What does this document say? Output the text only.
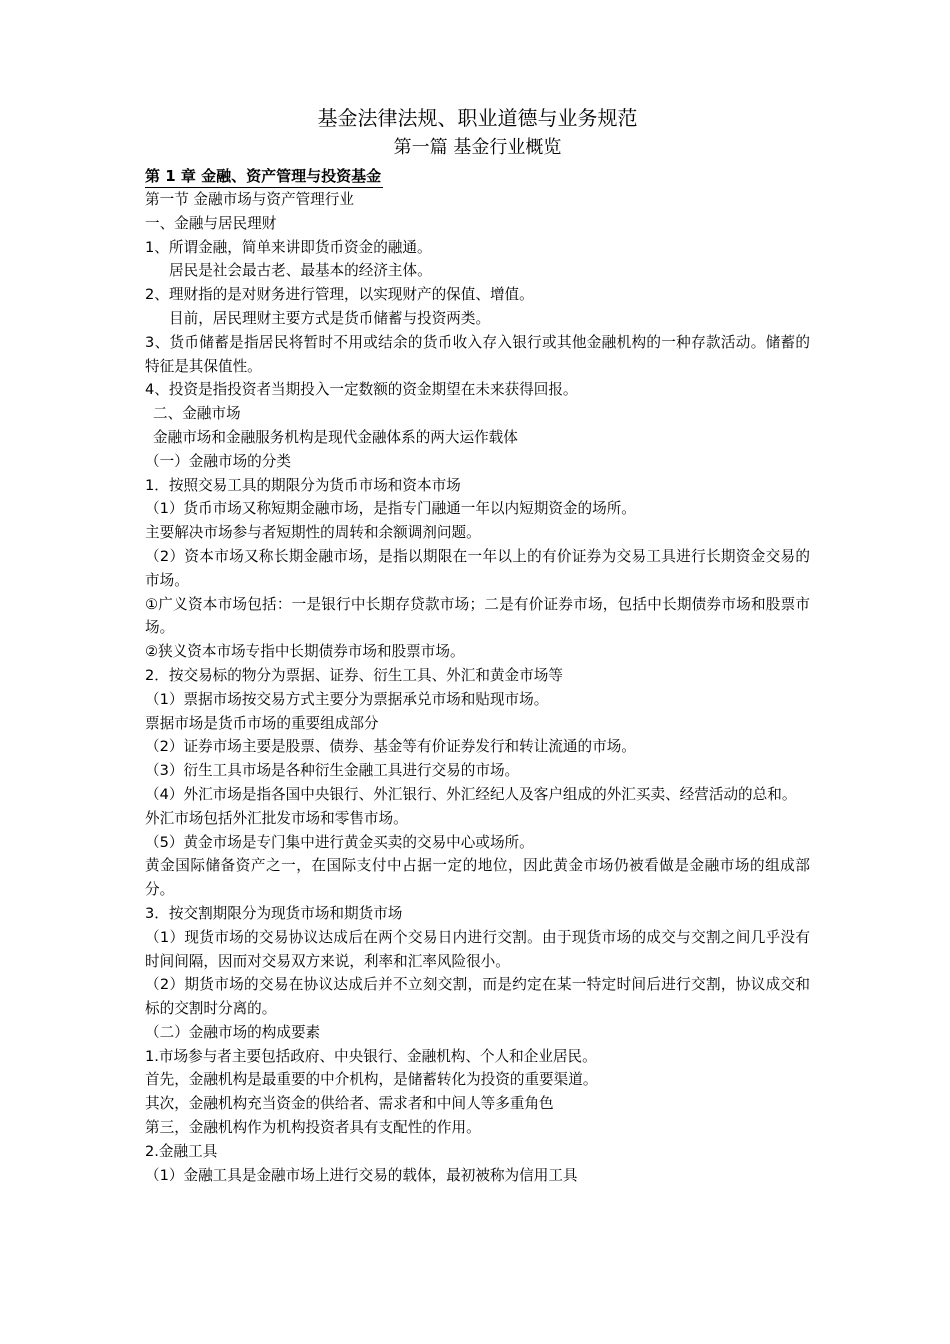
基金法律法规、职业道德与业务规范
第一篇 基金行业概览

第 1 章 金融、资产管理与投资基金

第一节 金融市场与资产管理行业

一、金融与居民理财

1、所谓金融，简单来讲即货币资金的融通。

居民是社会最古老、最基本的经济主体。

2、理财指的是对财务进行管理，以实现财产的保值、增值。

目前，居民理财主要方式是货币储蓄与投资两类。

3、货币储蓄是指居民将暂时不用或结余的货币收入存入银行或其他金融机构的一种存款活动。储蓄的特征是其保值性。

4、投资是指投资者当期投入一定数额的资金期望在未来获得回报。

二、金融市场

金融市场和金融服务机构是现代金融体系的两大运作载体

（一）金融市场的分类

1．按照交易工具的期限分为货币市场和资本市场

（1）货币市场又称短期金融市场，是指专门融通一年以内短期资金的场所。

主要解决市场参与者短期性的周转和余额调剂问题。

（2）资本市场又称长期金融市场，是指以期限在一年以上的有价证券为交易工具进行长期资金交易的市场。

①广义资本市场包括：一是银行中长期存贷款市场；二是有价证券市场，包括中长期债券市场和股票市场。

②狭义资本市场专指中长期债券市场和股票市场。

2．按交易标的物分为票据、证券、衍生工具、外汇和黄金市场等

（1）票据市场按交易方式主要分为票据承兑市场和贴现市场。

票据市场是货币市场的重要组成部分

（2）证券市场主要是股票、债券、基金等有价证券发行和转让流通的市场。

（3）衍生工具市场是各种衍生金融工具进行交易的市场。

（4）外汇市场是指各国中央银行、外汇银行、外汇经纪人及客户组成的外汇买卖、经营活动的总和。

外汇市场包括外汇批发市场和零售市场。

（5）黄金市场是专门集中进行黄金买卖的交易中心或场所。

黄金国际储备资产之一，在国际支付中占据一定的地位，因此黄金市场仍被看做是金融市场的组成部分。

3．按交割期限分为现货市场和期货市场

（1）现货市场的交易协议达成后在两个交易日内进行交割。由于现货市场的成交与交割之间几乎没有时间间隔，因而对交易双方来说，利率和汇率风险很小。

（2）期货市场的交易在协议达成后并不立刻交割，而是约定在某一特定时间后进行交割，协议成交和标的交割时分离的。

（二）金融市场的构成要素

1.市场参与者主要包括政府、中央银行、金融机构、个人和企业居民。

首先，金融机构是最重要的中介机构，是储蓄转化为投资的重要渠道。

其次，金融机构充当资金的供给者、需求者和中间人等多重角色

第三，金融机构作为机构投资者具有支配性的作用。

2.金融工具

（1）金融工具是金融市场上进行交易的载体，最初被称为信用工具
